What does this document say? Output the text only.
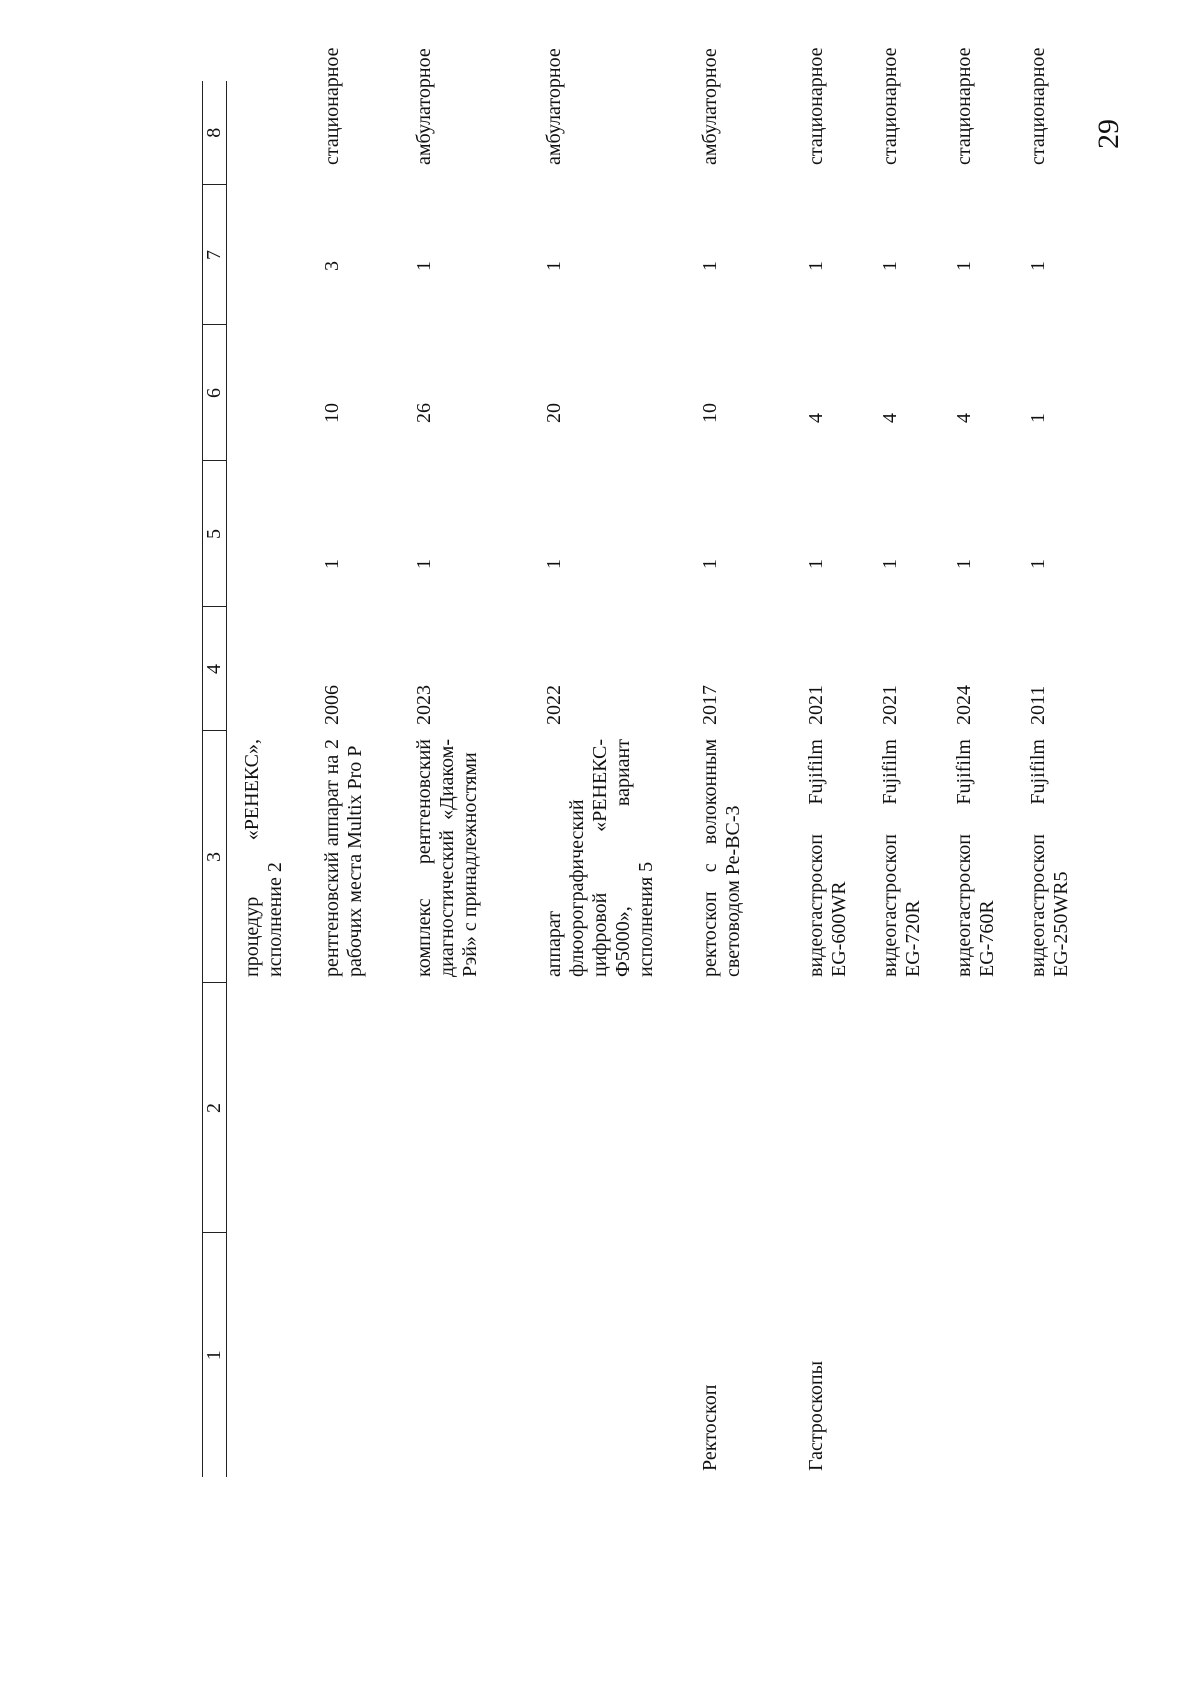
29
1	2	3	4	5	6	7	8
		процедур «РЕНЕКС», исполнение 2					
		рентгеновский аппарат на 2 рабочих места Multix Pro P	2006	1	10	3	стационарное
		комплекс рентгеновский диагностический «Диаком-Рэй» с принадлежностями	2023	1	26	1	амбулаторное
		аппарат флюорографический цифровой «РЕНЕКС-Ф5000», вариант исполнения 5	2022	1	20	1	амбулаторное
Ректоскоп		ректоскоп с волоконным световодом Ре-ВС-3	2017	1	10	1	амбулаторное
Гастроскопы		видеогастроскоп Fujifilm EG-600WR	2021	1	4	1	стационарное
		видеогастроскоп Fujifilm EG-720R	2021	1	4	1	стационарное
		видеогастроскоп Fujifilm EG-760R	2024	1	4	1	стационарное
		видеогастроскоп Fujifilm EG-250WR5	2011	1	1	1	стационарное
